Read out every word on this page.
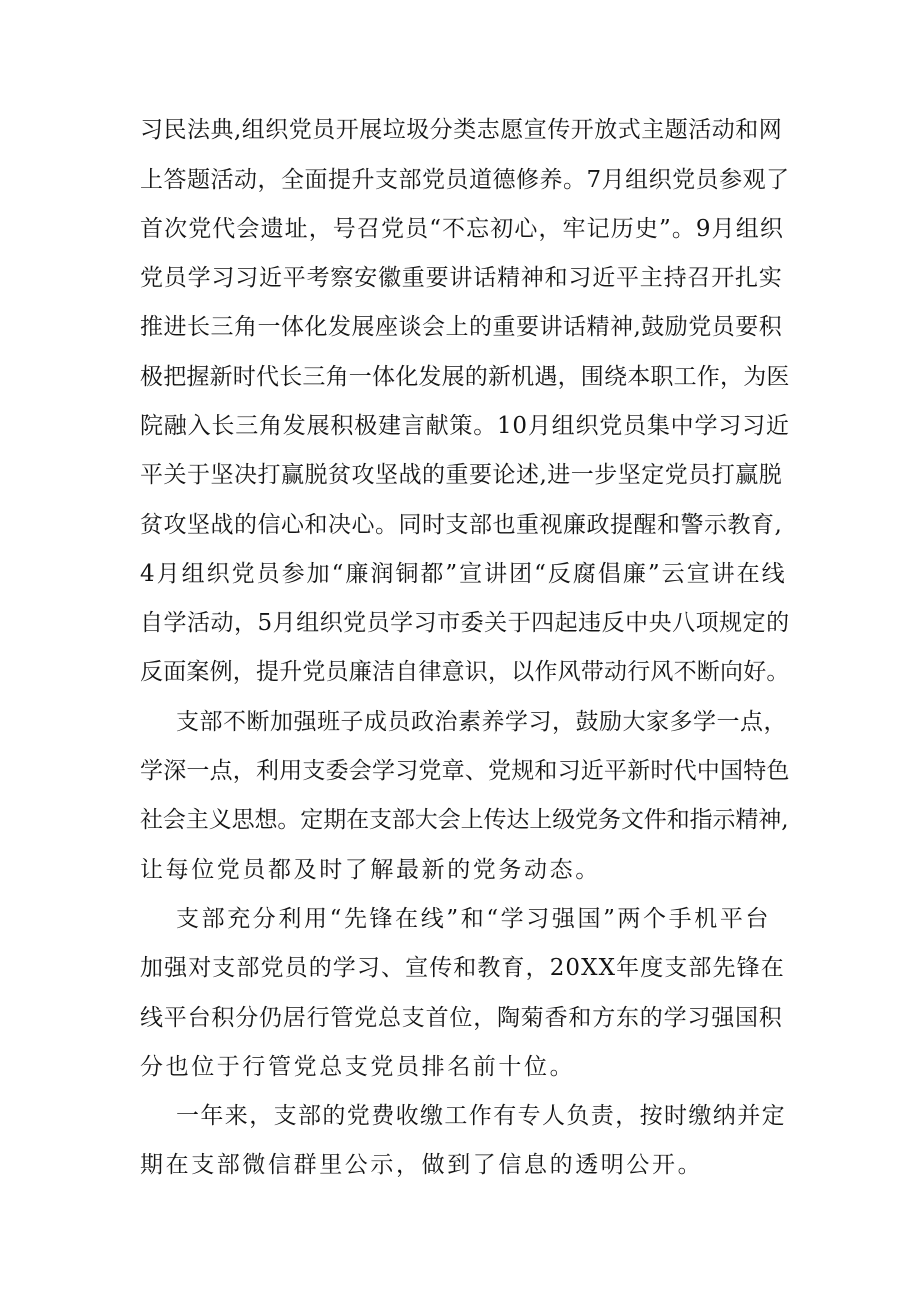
习民法典,组织党员开展垃圾分类志愿宣传开放式主题活动和网
上答题活动，全面提升支部党员道德修养。7月组织党员参观了
首次党代会遗址，号召党员“不忘初心，牢记历史”。9月组织
党员学习习近平考察安徽重要讲话精神和习近平主持召开扎实
推进长三角一体化发展座谈会上的重要讲话精神,鼓励党员要积
极把握新时代长三角一体化发展的新机遇，围绕本职工作，为医
院融入长三角发展积极建言献策。10月组织党员集中学习习近
平关于坚决打赢脱贫攻坚战的重要论述,进一步坚定党员打赢脱
贫攻坚战的信心和决心。同时支部也重视廉政提醒和警示教育,
4月组织党员参加“廉润铜都”宣讲团“反腐倡廉”云宣讲在线
自学活动，5月组织党员学习市委关于四起违反中央八项规定的
反面案例，提升党员廉洁自律意识，以作风带动行风不断向好。
支部不断加强班子成员政治素养学习，鼓励大家多学一点，
学深一点，利用支委会学习党章、党规和习近平新时代中国特色
社会主义思想。定期在支部大会上传达上级党务文件和指示精神,
让每位党员都及时了解最新的党务动态。
支部充分利用“先锋在线”和“学习强国”两个手机平台
加强对支部党员的学习、宣传和教育，20XX年度支部先锋在
线平台积分仍居行管党总支首位，陶菊香和方东的学习强国积
分也位于行管党总支党员排名前十位。
一年来，支部的党费收缴工作有专人负责，按时缴纳并定
期在支部微信群里公示，做到了信息的透明公开。
